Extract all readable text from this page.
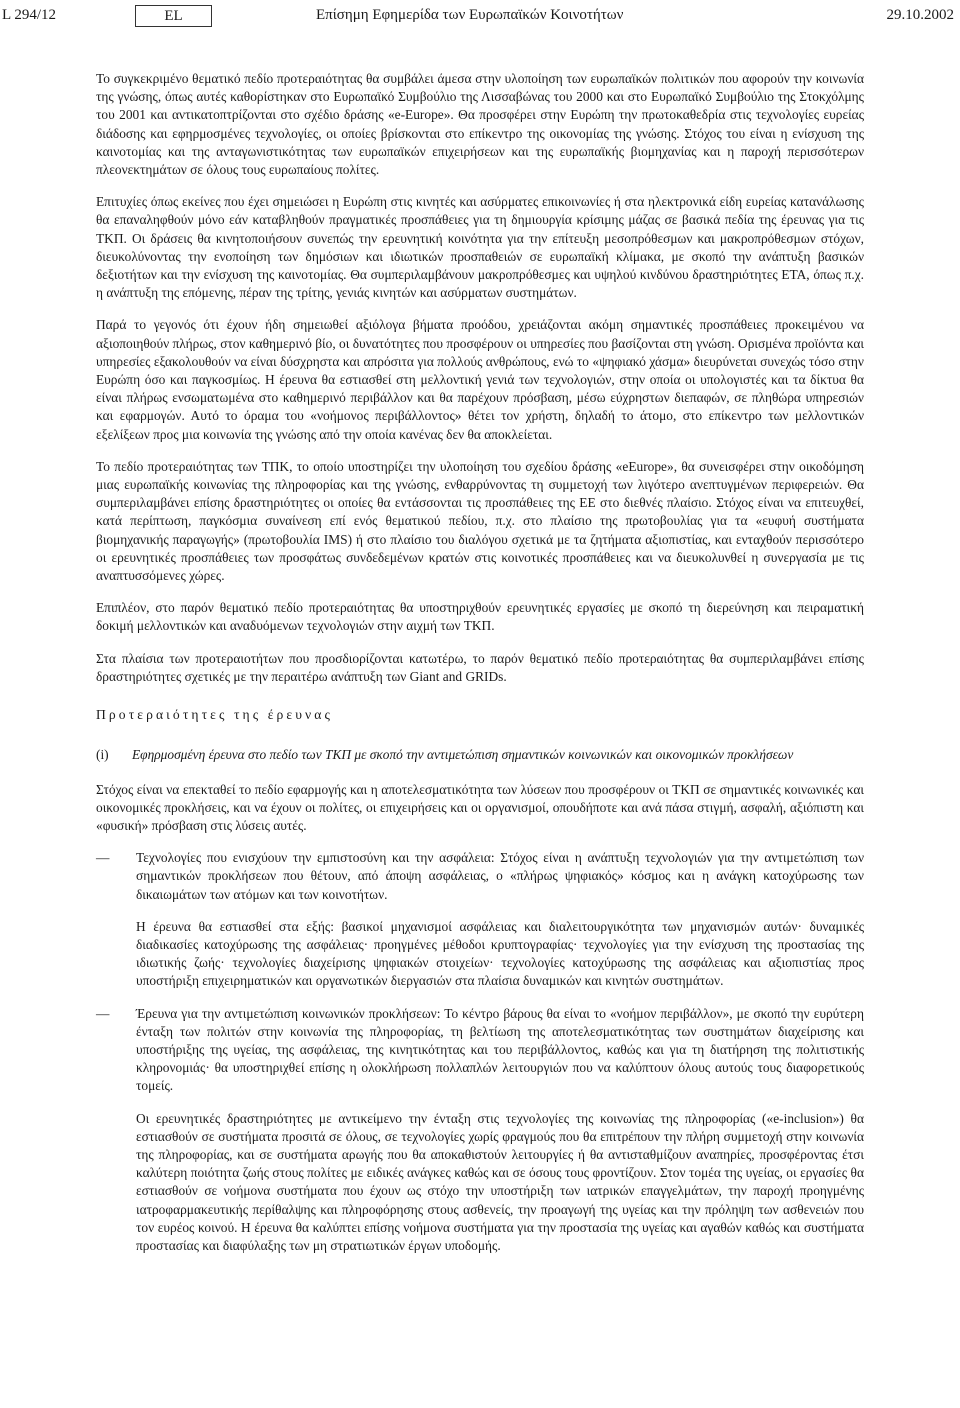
L 294/12	EL	Επίσημη Εφημερίδα των Ευρωπαϊκών Κοινοτήτων	29.10.2002

Το συγκεκριμένο θεματικό πεδίο προτεραιότητας θα συμβάλει άμεσα στην υλοποίηση των ευρωπαϊκών πολιτικών που αφορούν την κοινωνία της γνώσης, όπως αυτές καθορίστηκαν στο Ευρωπαϊκό Συμβούλιο της Λισσαβώνας του 2000 και στο Ευρωπαϊκό Συμβούλιο της Στοκχόλμης του 2001 και αντικατοπτρίζονται στο σχέδιο δράσης «e-Europe». Θα προσφέρει στην Ευρώπη την πρωτοκαθεδρία στις τεχνολογίες ευρείας διάδοσης και εφηρμοσμένες τεχνολογίες, οι οποίες βρίσκονται στο επίκεντρο της οικονομίας της γνώσης. Στόχος του είναι η ενίσχυση της καινοτομίας και της ανταγωνιστικότητας των ευρωπαϊκών επιχειρήσεων και της ευρωπαϊκής βιομηχανίας και η παροχή περισσότερων πλεονεκτημάτων σε όλους τους ευρωπαίους πολίτες.

Επιτυχίες όπως εκείνες που έχει σημειώσει η Ευρώπη στις κινητές και ασύρματες επικοινωνίες ή στα ηλεκτρονικά είδη ευρείας κατανάλωσης θα επαναληφθούν μόνο εάν καταβληθούν πραγματικές προσπάθειες για τη δημιουργία κρίσιμης μάζας σε βασικά πεδία της έρευνας για τις ΤΚΠ. Οι δράσεις θα κινητοποιήσουν συνεπώς την ερευνητική κοινότητα για την επίτευξη μεσοπρόθεσμων και μακροπρόθεσμων στόχων, διευκολύνοντας την ενοποίηση των δημόσιων και ιδιωτικών προσπαθειών σε ευρωπαϊκή κλίμακα, με σκοπό την ανάπτυξη βασικών δεξιοτήτων και την ενίσχυση της καινοτομίας. Θα συμπεριλαμβάνουν μακροπρόθεσμες και υψηλού κινδύνου δραστηριότητες ΕΤΑ, όπως π.χ. η ανάπτυξη της επόμενης, πέραν της τρίτης, γενιάς κινητών και ασύρματων συστημάτων.

Παρά το γεγονός ότι έχουν ήδη σημειωθεί αξιόλογα βήματα προόδου, χρειάζονται ακόμη σημαντικές προσπάθειες προκειμένου να αξιοποιηθούν πλήρως, στον καθημερινό βίο, οι δυνατότητες που προσφέρουν οι υπηρεσίες που βασίζονται στη γνώση. Ορισμένα προϊόντα και υπηρεσίες εξακολουθούν να είναι δύσχρηστα και απρόσιτα για πολλούς ανθρώπους, ενώ το «ψηφιακό χάσμα» διευρύνεται συνεχώς τόσο στην Ευρώπη όσο και παγκοσμίως. Η έρευνα θα εστιασθεί στη μελλοντική γενιά των τεχνολογιών, στην οποία οι υπολογιστές και τα δίκτυα θα είναι πλήρως ενσωματωμένα στο καθημερινό περιβάλλον και θα παρέχουν πρόσβαση, μέσω εύχρηστων διεπαφών, σε πληθώρα υπηρεσιών και εφαρμογών. Αυτό το όραμα του «νοήμονος περιβάλλοντος» θέτει τον χρήστη, δηλαδή το άτομο, στο επίκεντρο των μελλοντικών εξελίξεων προς μια κοινωνία της γνώσης από την οποία κανένας δεν θα αποκλείεται.

Το πεδίο προτεραιότητας των ΤΠΚ, το οποίο υποστηρίζει την υλοποίηση του σχεδίου δράσης «eEurope», θα συνεισφέρει στην οικοδόμηση μιας ευρωπαϊκής κοινωνίας της πληροφορίας και της γνώσης, ενθαρρύνοντας τη συμμετοχή των λιγότερο ανεπτυγμένων περιφερειών. Θα συμπεριλαμβάνει επίσης δραστηριότητες οι οποίες θα εντάσσονται τις προσπάθειες της ΕΕ στο διεθνές πλαίσιο. Στόχος είναι να επιτευχθεί, κατά περίπτωση, παγκόσμια συναίνεση επί ενός θεματικού πεδίου, π.χ. στο πλαίσιο της πρωτοβουλίας για τα «ευφυή συστήματα βιομηχανικής παραγωγής» (πρωτοβουλία IMS) ή στο πλαίσιο του διαλόγου σχετικά με τα ζητήματα αξιοπιστίας, και ενταχθούν περισσότερο οι ερευνητικές προσπάθειες των προσφάτως συνδεδεμένων κρατών στις κοινοτικές προσπάθειες και να διευκολυνθεί η συνεργασία με τις αναπτυσσόμενες χώρες.

Επιπλέον, στο παρόν θεματικό πεδίο προτεραιότητας θα υποστηριχθούν ερευνητικές εργασίες με σκοπό τη διερεύνηση και πειραματική δοκιμή μελλοντικών και αναδυόμενων τεχνολογιών στην αιχμή των ΤΚΠ.

Στα πλαίσια των προτεραιοτήτων που προσδιορίζονται κατωτέρω, το παρόν θεματικό πεδίο προτεραιότητας θα συμπεριλαμβάνει επίσης δραστηριότητες σχετικές με την περαιτέρω ανάπτυξη των Giant and GRIDs.

Προτεραιότητες της έρευνας
(i)	Εφηρμοσμένη έρευνα στο πεδίο των ΤΚΠ με σκοπό την αντιμετώπιση σημαντικών κοινωνικών και οικονομικών προκλήσεων

Στόχος είναι να επεκταθεί το πεδίο εφαρμογής και η αποτελεσματικότητα των λύσεων που προσφέρουν οι ΤΚΠ σε σημαντικές κοινωνικές και οικονομικές προκλήσεις, και να έχουν οι πολίτες, οι επιχειρήσεις και οι οργανισμοί, οπουδήποτε και ανά πάσα στιγμή, ασφαλή, αξιόπιστη και «φυσική» πρόσβαση στις λύσεις αυτές.

—	Τεχνολογίες που ενισχύουν την εμπιστοσύνη και την ασφάλεια: Στόχος είναι η ανάπτυξη τεχνολογιών για την αντιμετώπιση των σημαντικών προκλήσεων που θέτουν, από άποψη ασφάλειας, ο «πλήρως ψηφιακός» κόσμος και η ανάγκη κατοχύρωσης των δικαιωμάτων των ατόμων και των κοινοτήτων.

Η έρευνα θα εστιασθεί στα εξής: βασικοί μηχανισμοί ασφάλειας και διαλειτουργικότητα των μηχανισμών αυτών· δυναμικές διαδικασίες κατοχύρωσης της ασφάλειας· προηγμένες μέθοδοι κρυπτογραφίας· τεχνολογίες για την ενίσχυση της προστασίας της ιδιωτικής ζωής· τεχνολογίες διαχείρισης ψηφιακών στοιχείων· τεχνολογίες κατοχύρωσης της ασφάλειας και αξιοπιστίας προς υποστήριξη επιχειρηματικών και οργανωτικών διεργασιών στα πλαίσια δυναμικών και κινητών συστημάτων.

—	Έρευνα για την αντιμετώπιση κοινωνικών προκλήσεων: Το κέντρο βάρους θα είναι το «νοήμον περιβάλλον», με σκοπό την ευρύτερη ένταξη των πολιτών στην κοινωνία της πληροφορίας, τη βελτίωση της αποτελεσματικότητας των συστημάτων διαχείρισης και υποστήριξης της υγείας, της ασφάλειας, της κινητικότητας και του περιβάλλοντος, καθώς και για τη διατήρηση της πολιτιστικής κληρονομιάς· θα υποστηριχθεί επίσης η ολοκλήρωση πολλαπλών λειτουργιών που να καλύπτουν όλους αυτούς τους διαφορετικούς τομείς.

Οι ερευνητικές δραστηριότητες με αντικείμενο την ένταξη στις τεχνολογίες της κοινωνίας της πληροφορίας («e-inclusion») θα εστιασθούν σε συστήματα προσιτά σε όλους, σε τεχνολογίες χωρίς φραγμούς που θα επιτρέπουν την πλήρη συμμετοχή στην κοινωνία της πληροφορίας, και σε συστήματα αρωγής που θα αποκαθιστούν λειτουργίες ή θα αντισταθμίζουν αναπηρίες, προσφέροντας έτσι καλύτερη ποιότητα ζωής στους πολίτες με ειδικές ανάγκες καθώς και σε όσους τους φροντίζουν. Στον τομέα της υγείας, οι εργασίες θα εστιασθούν σε νοήμονα συστήματα που έχουν ως στόχο την υποστήριξη των ιατρικών επαγγελμάτων, την παροχή προηγμένης ιατροφαρμακευτικής περίθαλψης και πληροφόρησης στους ασθενείς, την προαγωγή της υγείας και την πρόληψη των ασθενειών που τον ευρέος κοινού. Η έρευνα θα καλύπτει επίσης νοήμονα συστήματα για την προστασία της υγείας και αγαθών καθώς και συστήματα προστασίας και διαφύλαξης των μη στρατιωτικών έργων υποδομής.
